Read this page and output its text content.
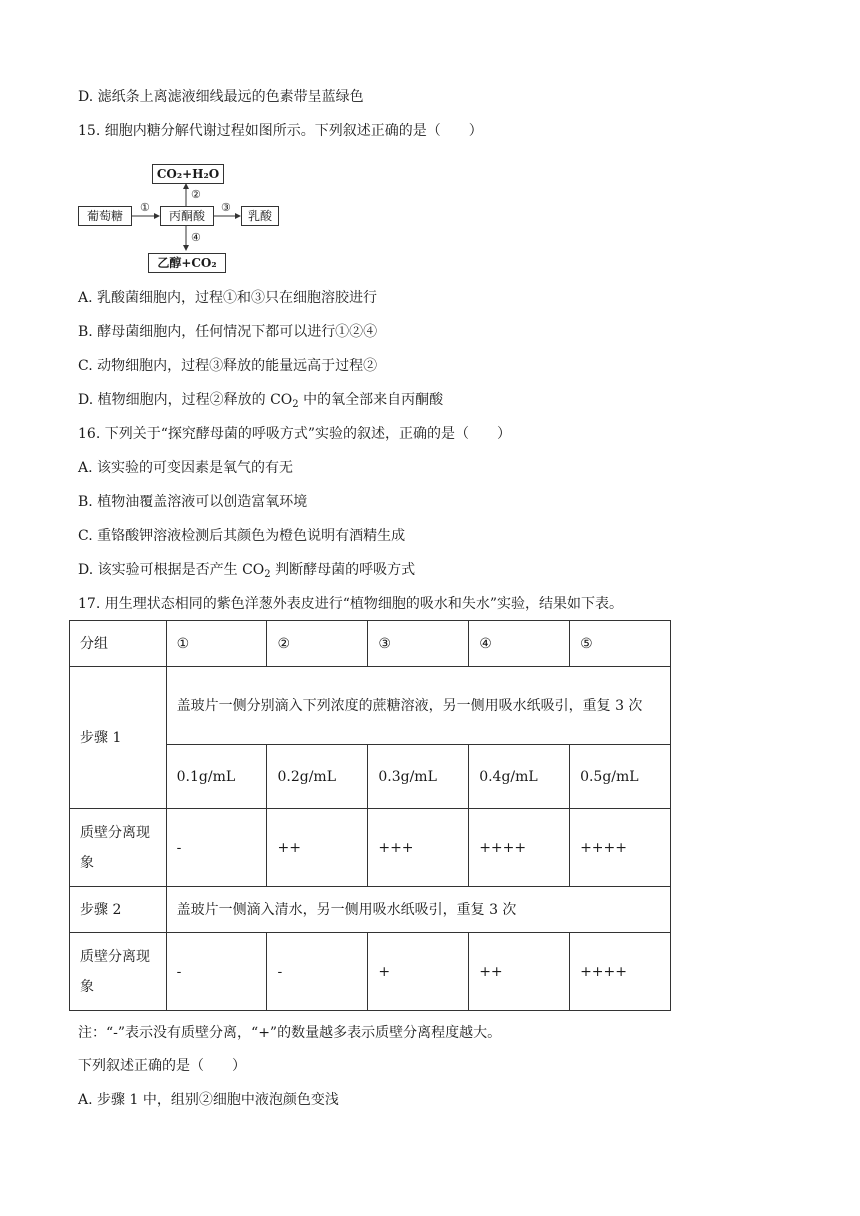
D. 滤纸条上离滤液细线最远的色素带呈蓝绿色
15. 细胞内糖分解代谢过程如图所示。下列叙述正确的是（　　）
葡萄糖	丙酮酸	乳酸
CO₂+H₂O
乙醇+CO₂
①	③
②
④
A. 乳酸菌细胞内，过程①和③只在细胞溶胶进行
B. 酵母菌细胞内，任何情况下都可以进行①②④
C. 动物细胞内，过程③释放的能量远高于过程②
D. 植物细胞内，过程②释放的 $CO_2$ 中的氧全部来自丙酮酸
16. 下列关于“探究酵母菌的呼吸方式”实验的叙述，正确的是（　　）
A. 该实验的可变因素是氧气的有无
B. 植物油覆盖溶液可以创造富氧环境
C. 重铬酸钾溶液检测后其颜色为橙色说明有酒精生成
D. 该实验可根据是否产生 $CO_2$ 判断酵母菌的呼吸方式
17. 用生理状态相同的紫色洋葱外表皮进行“植物细胞的吸水和失水”实验，结果如下表。
分组	①	②	③	④	⑤
步骤 1	盖玻片一侧分别滴入下列浓度的蔗糖溶液，另一侧用吸水纸吸引，重复 3 次				
	0.1g/mL	0.2g/mL	0.3g/mL	0.4g/mL	0.5g/mL
质壁分离现象	-	++	+++	++++	++++
步骤 2	盖玻片一侧滴入清水，另一侧用吸水纸吸引，重复 3 次				
质壁分离现象	-	-	+	++	++++
注：“-”表示没有质壁分离，“+”的数量越多表示质壁分离程度越大。
下列叙述正确的是（　　）
A. 步骤 1 中，组别②细胞中液泡颜色变浅
